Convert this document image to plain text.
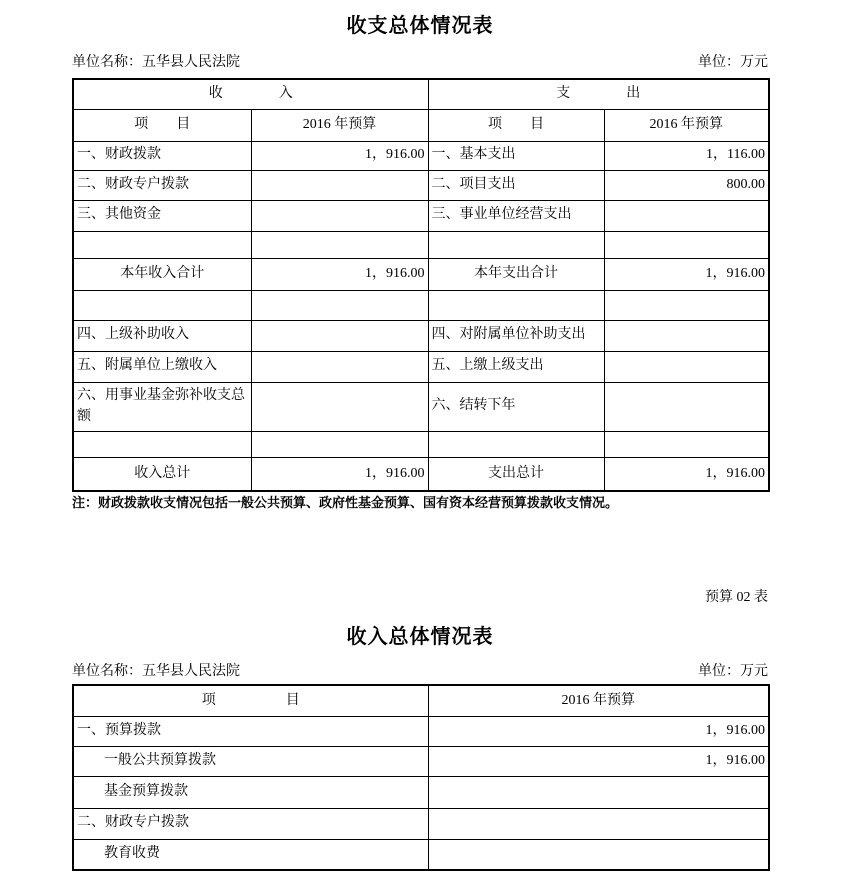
收支总体情况表
单位名称：五华县人民法院	单位：万元
收　　　　入		支　　　　出	
项　　目	2016 年预算	项　　目	2016 年预算
一、财政拨款	1，916.00	一、基本支出	1，116.00
二、财政专户拨款		二、项目支出	800.00
三、其他资金		三、事业单位经营支出	

本年收入合计	1，916.00	本年支出合计	1，916.00

四、上级补助收入		四、对附属单位补助支出	
五、附属单位上缴收入		五、上缴上级支出	
六、用事业基金弥补收支总额		六、结转下年	

收入总计	1，916.00	支出总计	1，916.00
注：财政拨款收支情况包括一般公共预算、政府性基金预算、国有资本经营预算拨款收支情况。
预算 02 表
收入总体情况表
单位名称：五华县人民法院	单位：万元
项　　　　　目	2016 年预算
一、预算拨款	1，916.00
一般公共预算拨款	1，916.00
基金预算拨款	
二、财政专户拨款	
教育收费	
